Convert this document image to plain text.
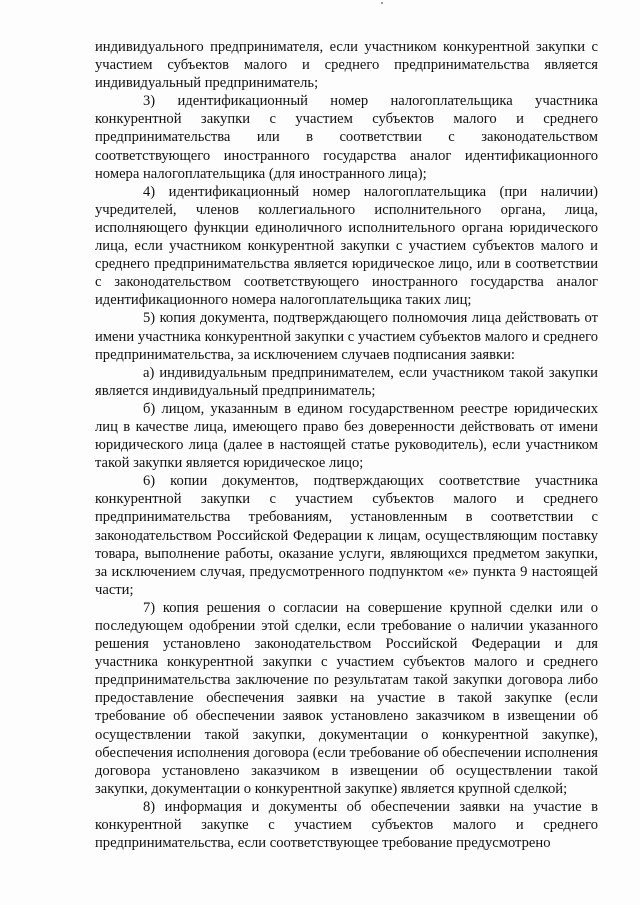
индивидуального предпринимателя, если участником конкурентной закупки с участием субъектов малого и среднего предпринимательства является индивидуальный предприниматель;

3) идентификационный номер налогоплательщика участника конкурентной закупки с участием субъектов малого и среднего предпринимательства или в соответствии с законодательством соответствующего иностранного государства аналог идентификационного номера налогоплательщика (для иностранного лица);

4) идентификационный номер налогоплательщика (при наличии) учредителей, членов коллегиального исполнительного органа, лица, исполняющего функции единоличного исполнительного органа юридического лица, если участником конкурентной закупки с участием субъектов малого и среднего предпринимательства является юридическое лицо, или в соответствии с законодательством соответствующего иностранного государства аналог идентификационного номера налогоплательщика таких лиц;

5) копия документа, подтверждающего полномочия лица действовать от имени участника конкурентной закупки с участием субъектов малого и среднего предпринимательства, за исключением случаев подписания заявки:

а) индивидуальным предпринимателем, если участником такой закупки является индивидуальный предприниматель;

б) лицом, указанным в едином государственном реестре юридических лиц в качестве лица, имеющего право без доверенности действовать от имени юридического лица (далее в настоящей статье руководитель), если участником такой закупки является юридическое лицо;

6) копии документов, подтверждающих соответствие участника конкурентной закупки с участием субъектов малого и среднего предпринимательства требованиям, установленным в соответствии с законодательством Российской Федерации к лицам, осуществляющим поставку товара, выполнение работы, оказание услуги, являющихся предметом закупки, за исключением случая, предусмотренного подпунктом «е» пункта 9 настоящей части;

7) копия решения о согласии на совершение крупной сделки или о последующем одобрении этой сделки, если требование о наличии указанного решения установлено законодательством Российской Федерации и для участника конкурентной закупки с участием субъектов малого и среднего предпринимательства заключение по результатам такой закупки договора либо предоставление обеспечения заявки на участие в такой закупке (если требование об обеспечении заявок установлено заказчиком в извещении об осуществлении такой закупки, документации о конкурентной закупке), обеспечения исполнения договора (если требование об обеспечении исполнения договора установлено заказчиком в извещении об осуществлении такой закупки, документации о конкурентной закупке) является крупной сделкой;

8) информация и документы об обеспечении заявки на участие в конкурентной закупке с участием субъектов малого и среднего предпринимательства, если соответствующее требование предусмотрено
